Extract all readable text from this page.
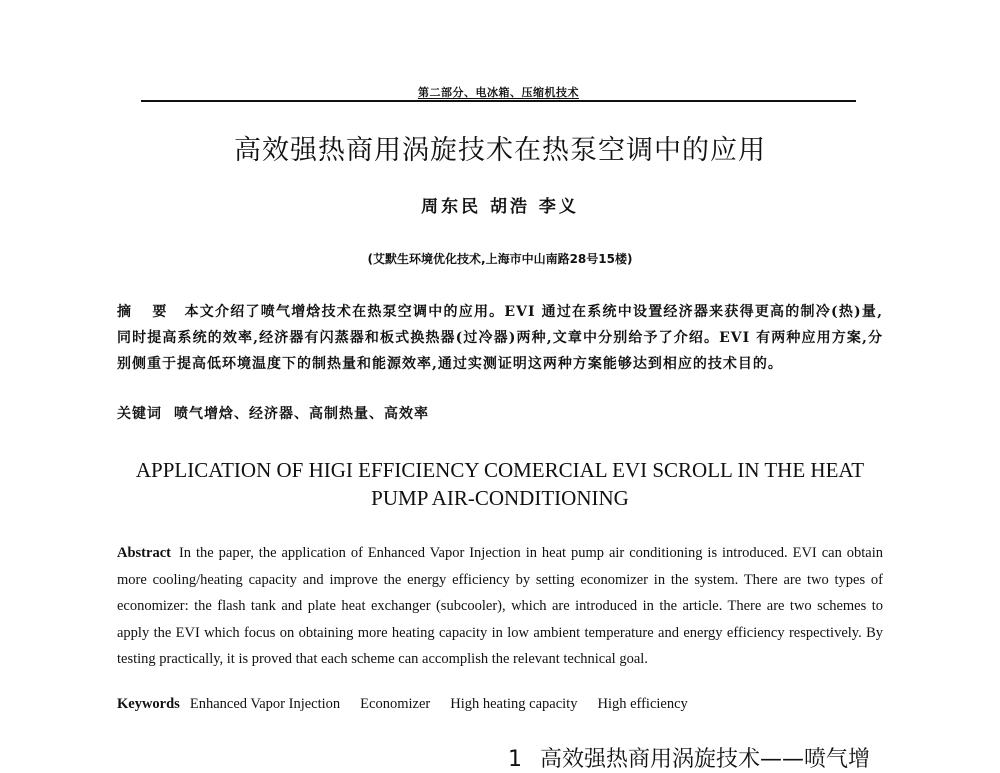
第二部分、电冰箱、压缩机技术
高效强热商用涡旋技术在热泵空调中的应用
周东民 胡浩 李义
(艾默生环境优化技术,上海市中山南路28号15楼)
摘 要 本文介绍了喷气增焓技术在热泵空调中的应用。EVI 通过在系统中设置经济器来获得更高的制冷(热)量,同时提高系统的效率,经济器有闪蒸器和板式换热器(过冷器)两种,文章中分别给予了介绍。EVI 有两种应用方案,分别侧重于提高低环境温度下的制热量和能源效率,通过实测证明这两种方案能够达到相应的技术目的。
关键词 喷气增焓、经济器、高制热量、高效率
APPLICATION OF HIGI EFFICIENCY COMERCIAL EVI SCROLL IN THE HEAT PUMP AIR-CONDITIONING
Abstract In the paper, the application of Enhanced Vapor Injection in heat pump air conditioning is introduced. EVI can obtain more cooling/heating capacity and improve the energy efficiency by setting economizer in the system. There are two types of economizer: the flash tank and plate heat exchanger (subcooler), which are introduced in the article. There are two schemes to apply the EVI which focus on obtaining more heating capacity in low ambient temperature and energy efficiency respectively. By testing practically, it is proved that each scheme can accomplish the relevant technical goal.
Keywords Enhanced Vapor Injection Economizer High heating capacity High efficiency
1 高效强热商用涡旋技术——喷气增
